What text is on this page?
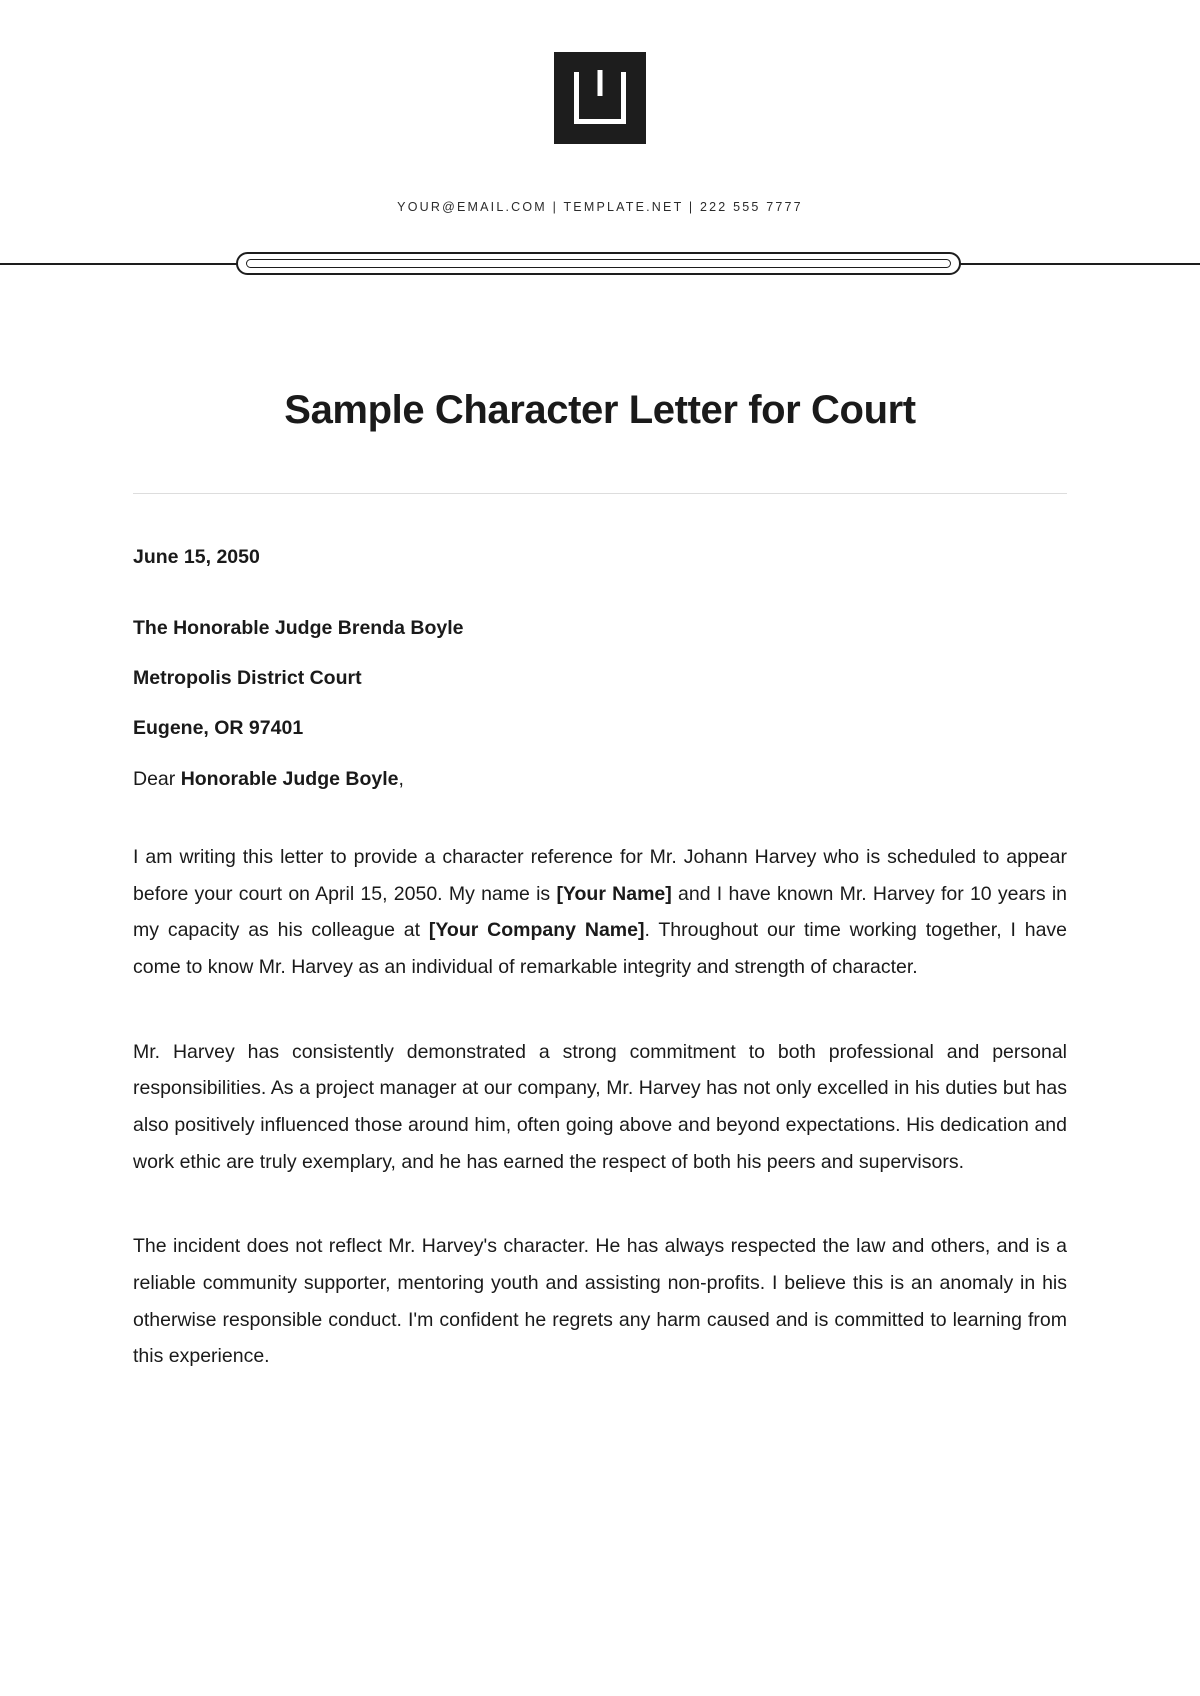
YOUR@EMAIL.COM | TEMPLATE.NET | 222 555 7777
Sample Character Letter for Court
June 15, 2050
The Honorable Judge Brenda Boyle
Metropolis District Court
Eugene, OR 97401
Dear Honorable Judge Boyle,

I am writing this letter to provide a character reference for Mr. Johann Harvey who is scheduled to appear before your court on April 15, 2050. My name is [Your Name] and I have known Mr. Harvey for 10 years in my capacity as his colleague at [Your Company Name]. Throughout our time working together, I have come to know Mr. Harvey as an individual of remarkable integrity and strength of character.

Mr. Harvey has consistently demonstrated a strong commitment to both professional and personal responsibilities. As a project manager at our company, Mr. Harvey has not only excelled in his duties but has also positively influenced those around him, often going above and beyond expectations. His dedication and work ethic are truly exemplary, and he has earned the respect of both his peers and supervisors.

The incident does not reflect Mr. Harvey's character. He has always respected the law and others, and is a reliable community supporter, mentoring youth and assisting non-profits. I believe this is an anomaly in his otherwise responsible conduct. I'm confident he regrets any harm caused and is committed to learning from this experience.
